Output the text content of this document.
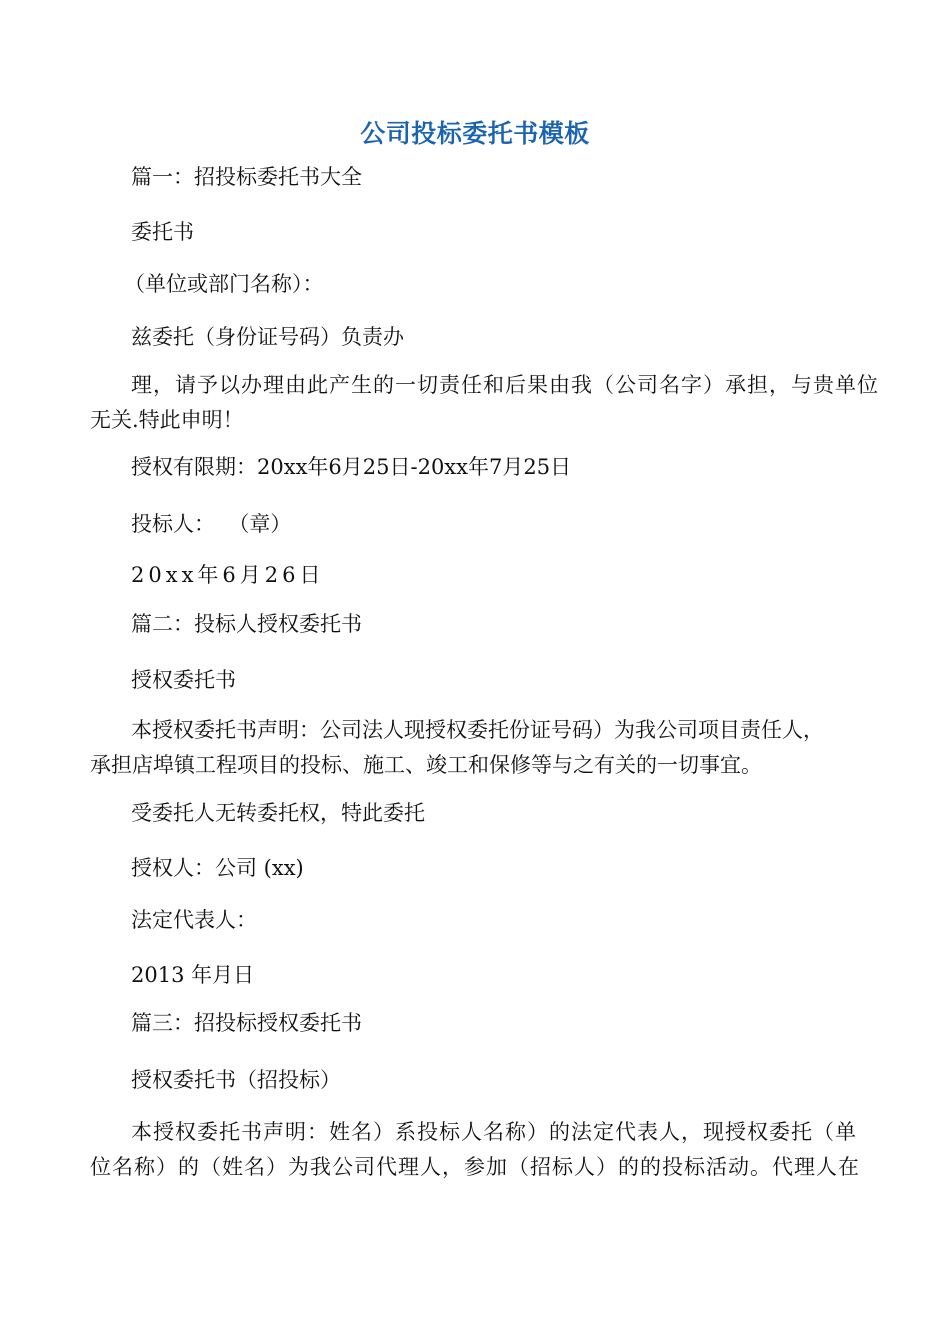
公司投标委托书模板
篇一：招投标委托书大全
委托书
（单位或部门名称）：
兹委托（身份证号码）负责办
理，请予以办理由此产生的一切责任和后果由我（公司名字）承担，与贵单位
无关.特此申明！
授权有限期：20xx年6月25日-20xx年7月25日
投标人：  （章）
20xx年6月26日
篇二：投标人授权委托书
授权委托书
本授权委托书声明：公司法人现授权委托份证号码）为我公司项目责任人，
承担店埠镇工程项目的投标、施工、竣工和保修等与之有关的一切事宜。
受委托人无转委托权，特此委托
授权人：公司 (xx)
法定代表人：
2013 年月日
篇三：招投标授权委托书
授权委托书（招投标）
本授权委托书声明：姓名）系投标人名称）的法定代表人，现授权委托（单
位名称）的（姓名）为我公司代理人，参加（招标人）的的投标活动。代理人在
